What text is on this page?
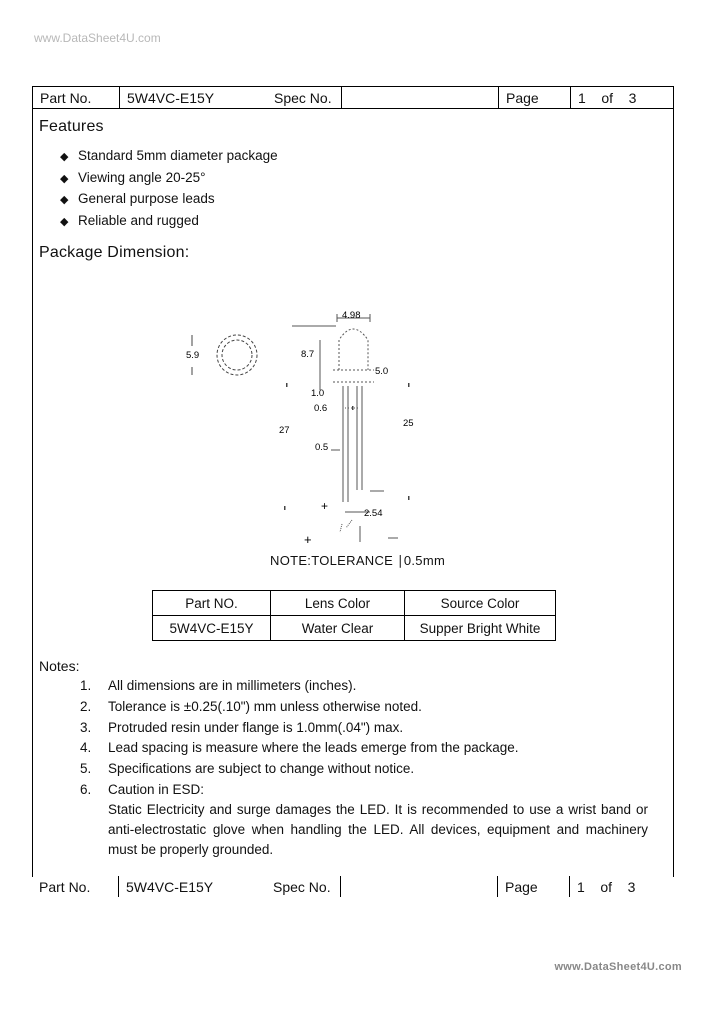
www.DataSheet4U.com
Part No.	5W4VC-E15Y	Spec No.		Page	1 of 3
Features
◆ Standard 5mm diameter package
◆ Viewing angle 20-25°
◆ General purpose leads
◆ Reliable and rugged
Package Dimension:
5.9
4.98
8.7
5.0
1.0
0.6
27
25
0.5
2.54
+
+
NOTE:TOLERANCE ∣0.5mm
Part NO.	Lens Color	Source Color
5W4VC-E15Y	Water Clear	Supper Bright White
Notes:
1.	All dimensions are in millimeters (inches).
2.	Tolerance is ±0.25(.10") mm unless otherwise noted.
3.	Protruded resin under flange is 1.0mm(.04") max.
4.	Lead spacing is measure where the leads emerge from the package.
5.	Specifications are subject to change without notice.
6.	Caution in ESD:
Static Electricity and surge damages the LED. It is recommended to use a wrist band or anti-electrostatic glove when handling the LED. All devices, equipment and machinery must be properly grounded.
Part No.	5W4VC-E15Y	Spec No.		Page	1 of 3
www.DataSheet4U.com
